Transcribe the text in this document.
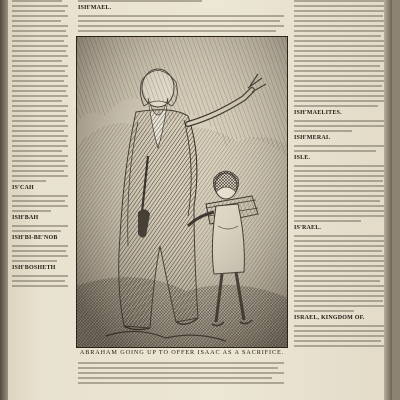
ISH'MAEL.
IS'CAH
ISH'BAH
ISH'BI-BE'NOB
ISH'BOSHETH
ISH'MAELITES.
ISH'MERAI.
ISLE.
IS'RAEL.
ISRAEL, KINGDOM OF.
ABRAHAM GOING UP TO OFFER ISAAC AS A SACRIFICE.
